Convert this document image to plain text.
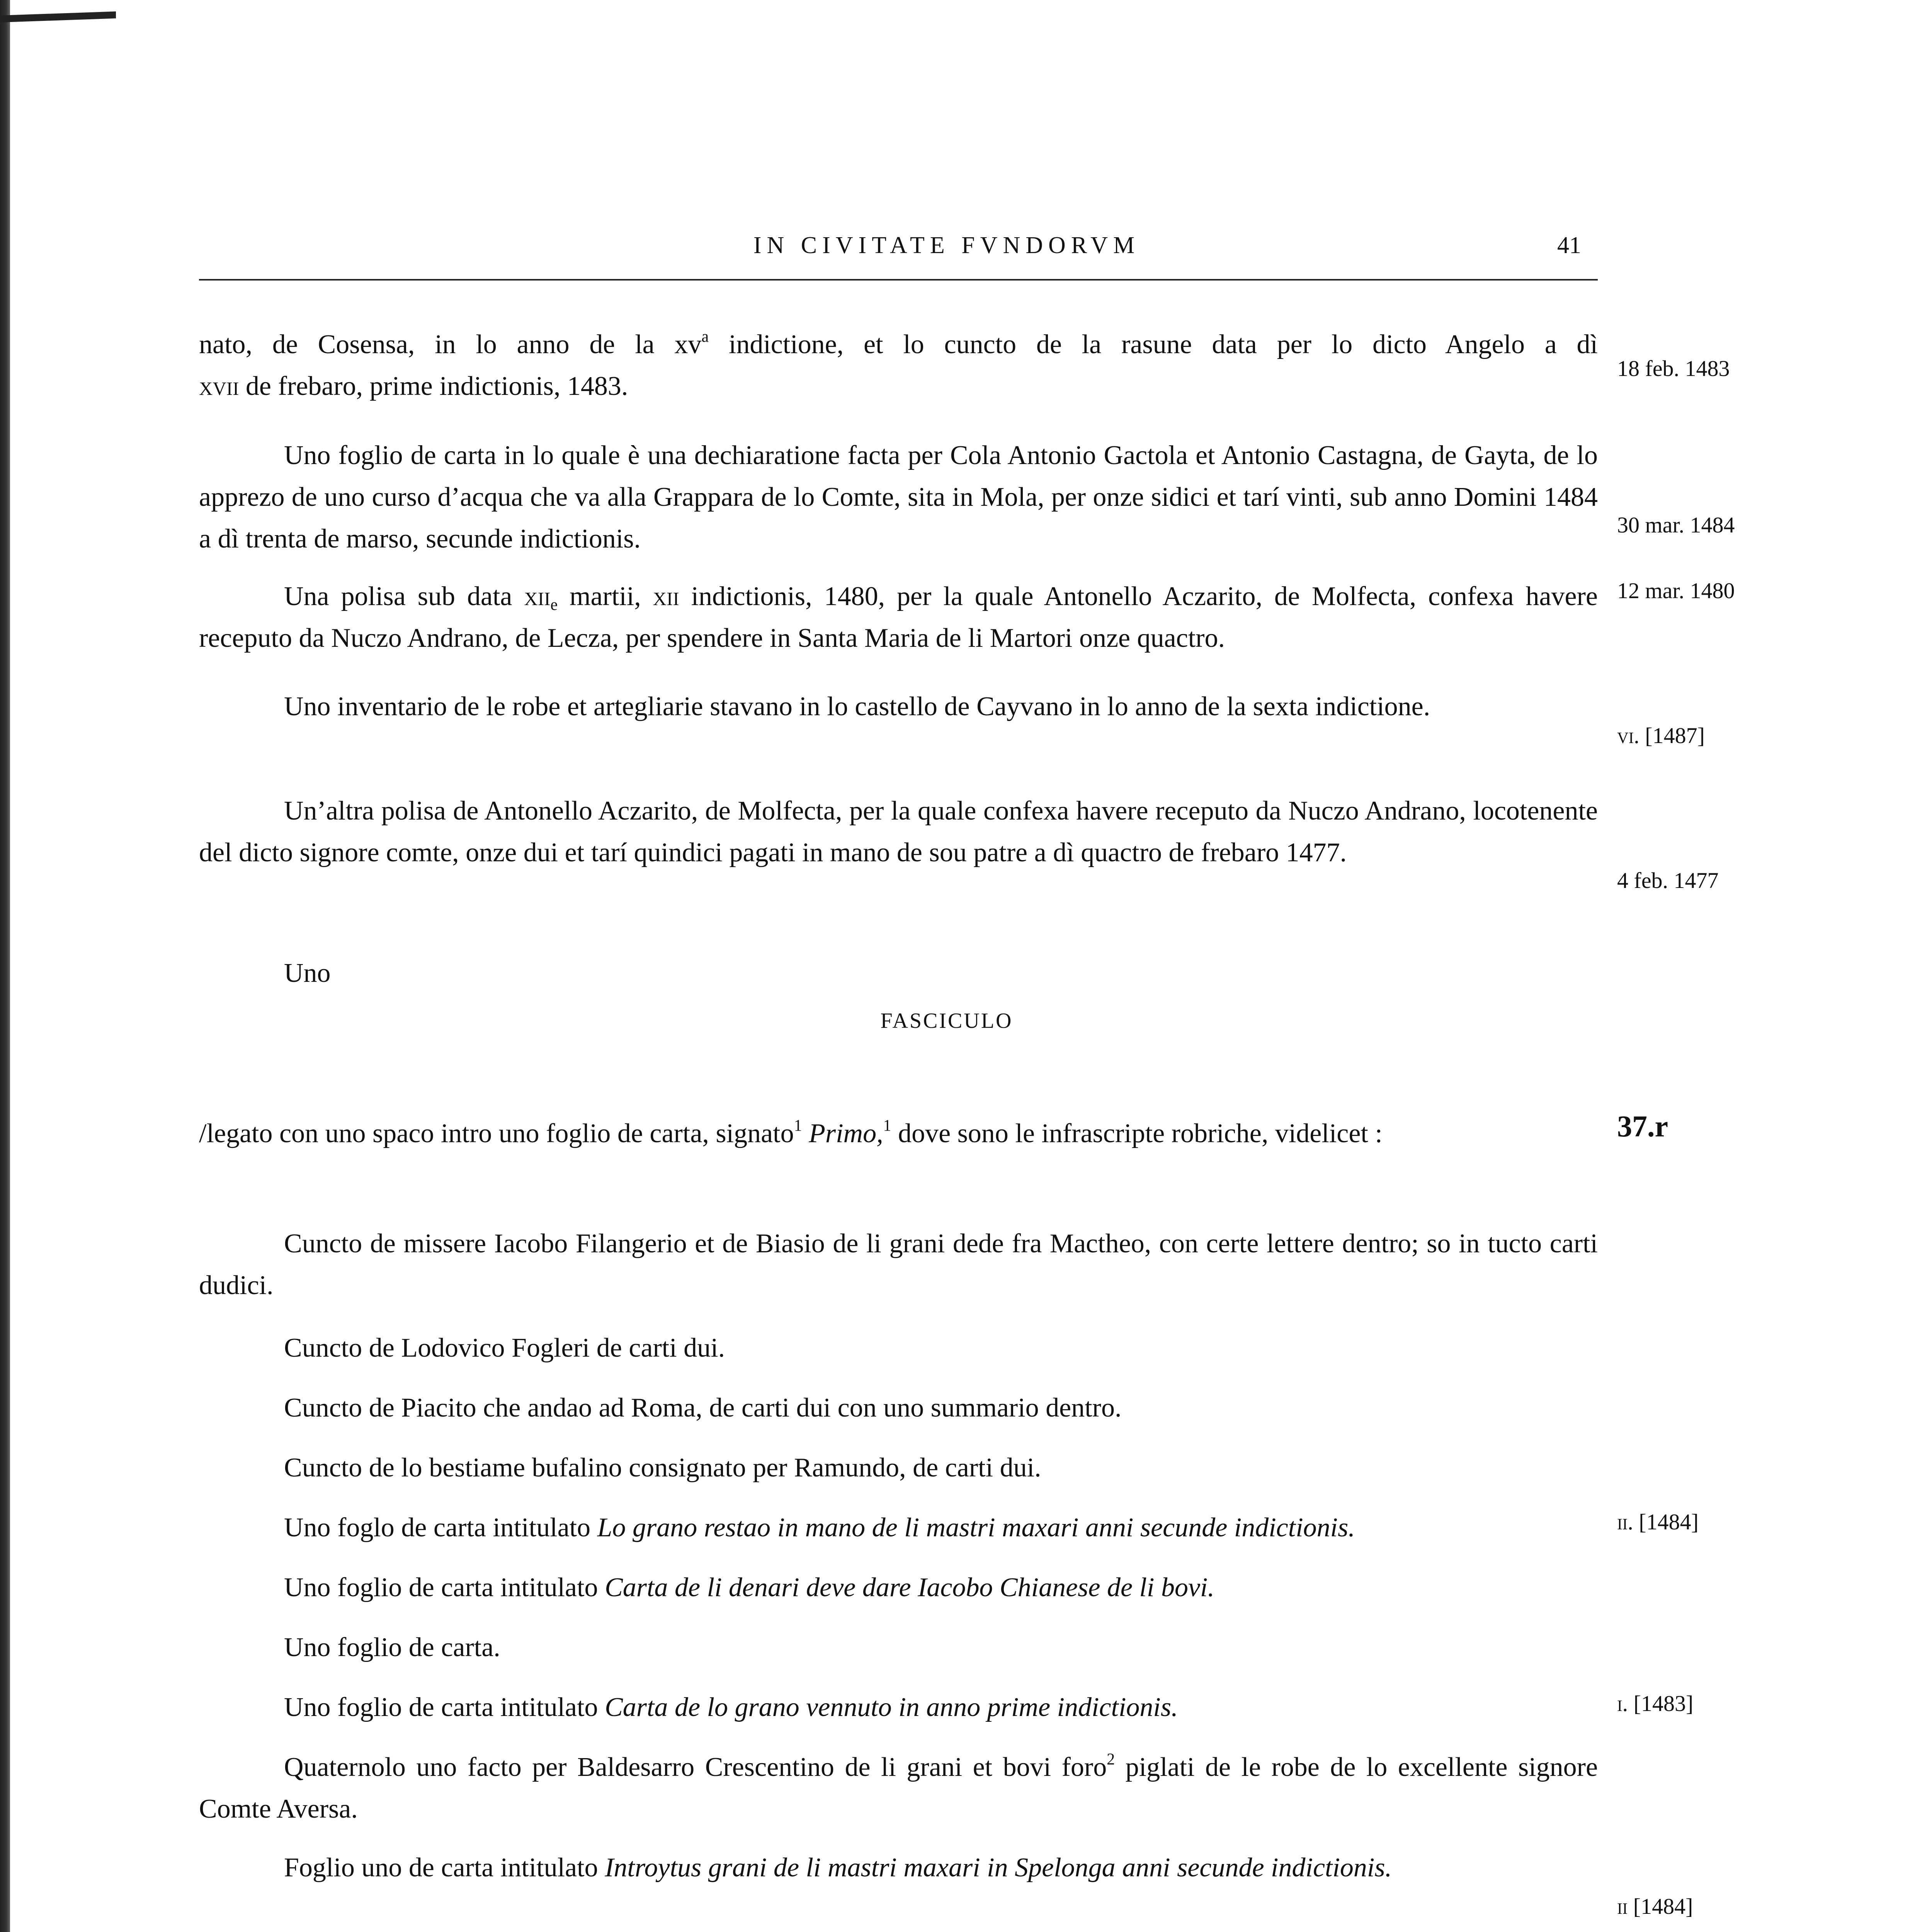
IN CIVITATE FVNDORVM	41
nato, de Cosensa, in lo anno de la $xv^a$ indictione, et lo cuncto de la rasune data per lo dicto Angelo a dì
xvii de frebaro, prime indictionis, 1483.
18 feb. 1483
Uno foglio de carta in lo quale è una dechiaratione facta per Cola Antonio Gactola et Antonio Castagna, de Gayta, de lo apprezo de uno curso d’acqua che va alla Grappara de lo Comte, sita in Mola, per onze sidici et tarí vinti, sub anno Domini 1484 a dì trenta de marso, secunde indictionis.	30 mar. 1484
Una polisa sub data xii$_e$ martii, xii indictionis, 1480, per la quale Antonello Aczarito, de Molfecta, confexa havere receputo da Nuczo Andrano, de Lecza, per spendere in Santa Maria de li Martori onze quactro.
12 mar. 1480
Uno inventario de le robe et artegliarie stavano in lo castello de Cayvano in lo anno de la sexta indictione.
vi. [1487]
Un’altra polisa de Antonello Aczarito, de Molfecta, per la quale confexa havere receputo da Nuczo Andrano, locotenente del dicto signore comte, onze dui et tarí quindici pagati in mano de sou patre a dì quactro de frebaro 1477.
4 feb. 1477
Uno
FASCICULO
/legato con uno spaco intro uno foglio de carta, signato$^1$ Primo,$^1$ dove sono le infrascripte robriche, videlicet :	37.r
Cuncto de missere Iacobo Filangerio et de Biasio de li grani dede fra Mactheo, con certe lettere dentro; so in tucto carti dudici.
Cuncto de Lodovico Fogleri de carti dui.
Cuncto de Piacito che andao ad Roma, de carti dui con uno summario dentro.
Cuncto de lo bestiame bufalino consignato per Ramundo, de carti dui.
Uno foglo de carta intitulato Lo grano restao in mano de li mastri maxari anni secunde indictionis.	ii. [1484]
Uno foglio de carta intitulato Carta de li denari deve dare Iacobo Chianese de li bovi.
Uno foglio de carta.
Uno foglio de carta intitulato Carta de lo grano vennuto in anno prime indictionis.	i. [1483]
Quaternolo uno facto per Baldesarro Crescentino de li grani et bovi foro$^2$ piglati de le robe de lo excellente signore Comte Aversa.
Foglio uno de carta intitulato Introytus grani de li mastri maxari in Spelonga anni secunde indictionis.
ii [1484]
